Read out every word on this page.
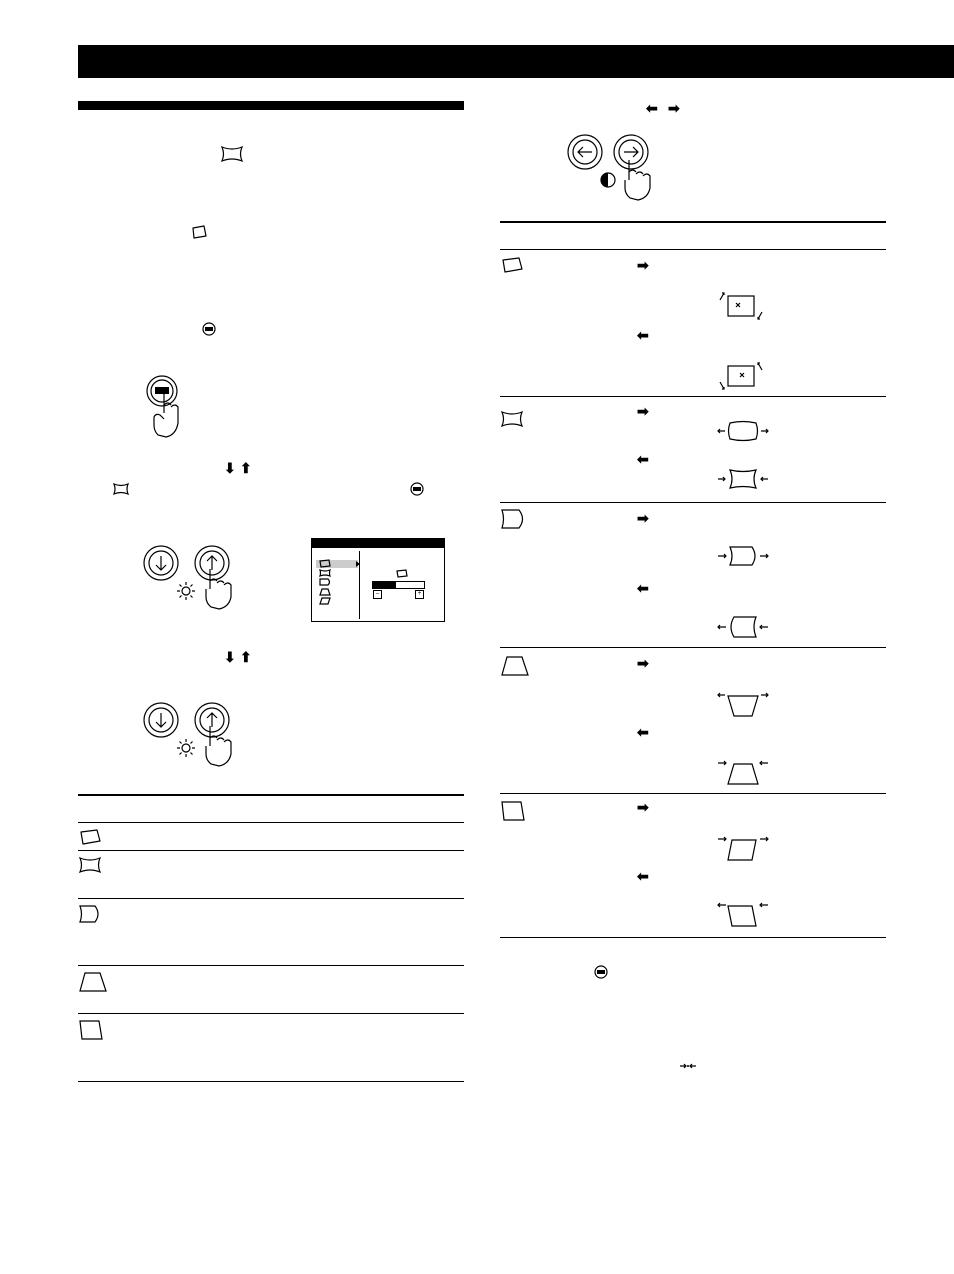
⬇ ⬆
–	+
⬇ ⬆
⬅ ➡
➡
⬅
➡
⬅
➡
⬅
➡
⬅
➡
⬅
